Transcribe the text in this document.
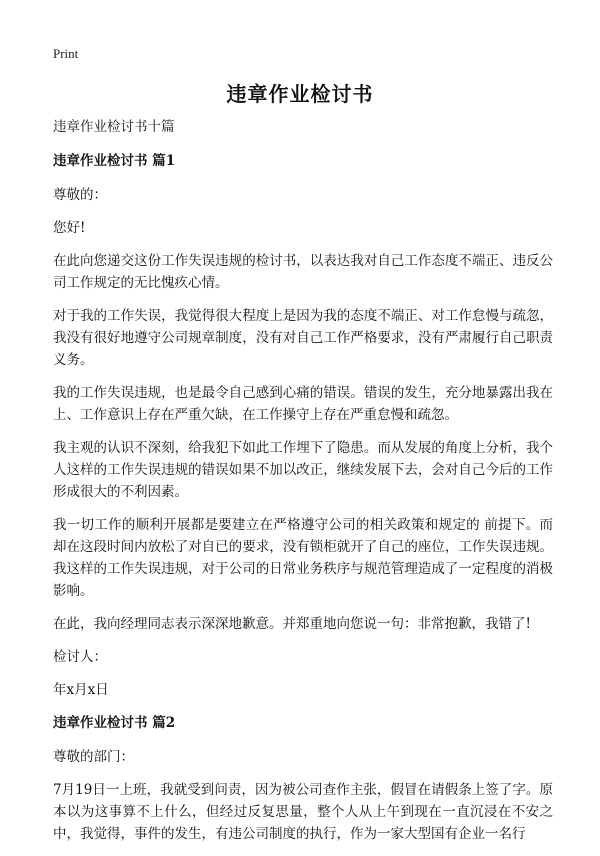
Print
违章作业检讨书

违章作业检讨书十篇

违章作业检讨书 篇1

尊敬的：

您好!

在此向您递交这份工作失误违规的检讨书，以表达我对自己工作态度不端正、违反公司工作规定的无比愧疚心情。

对于我的工作失误，我觉得很大程度上是因为我的态度不端正、对工作怠慢与疏忽，我没有很好地遵守公司规章制度，没有对自己工作严格要求，没有严肃履行自己职责义务。

我的工作失误违规，也是最令自己感到心痛的错误。错误的发生，充分地暴露出我在上、工作意识上存在严重欠缺，在工作操守上存在严重怠慢和疏忽。

我主观的认识不深刻，给我犯下如此工作埋下了隐患。而从发展的角度上分析，我个人这样的工作失误违规的错误如果不加以改正，继续发展下去，会对自己今后的工作形成很大的不利因素。

我一切工作的顺利开展都是要建立在严格遵守公司的相关政策和规定的 前提下。而却在这段时间内放松了对自已的要求，没有锁柜就开了自己的座位，工作失误违规。我这样的工作失误违规，对于公司的日常业务秩序与规范管理造成了一定程度的消极影响。

在此，我向经理同志表示深深地歉意。并郑重地向您说一句：非常抱歉，我错了!

检讨人：

年x月x日

违章作业检讨书 篇2

尊敬的部门：

7月19日一上班，我就受到问责，因为被公司查作主张，假冒在请假条上签了字。原本以为这事算不上什么，但经过反复思量，整个人从上午到现在一直沉浸在不安之中，我觉得，事件的发生，有违公司制度的执行，作为一家大型国有企业一名行
